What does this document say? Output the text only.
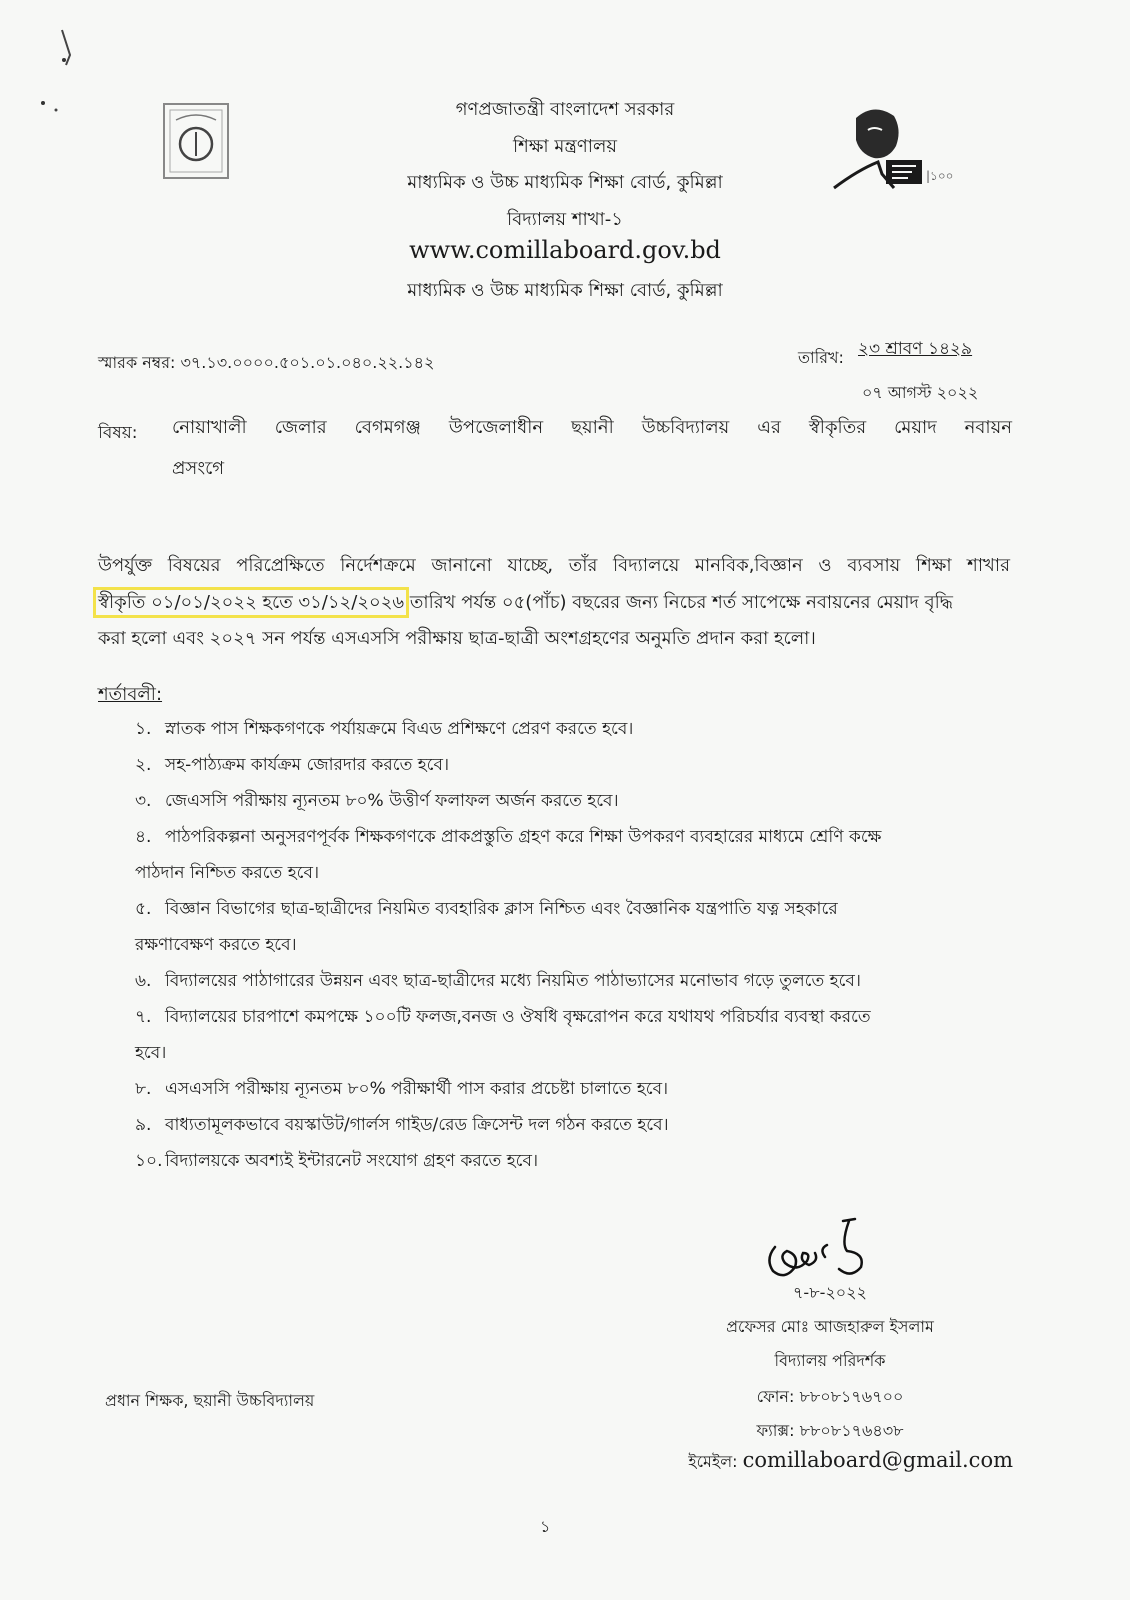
|১০০
গণপ্রজাতন্ত্রী বাংলাদেশ সরকার
শিক্ষা মন্ত্রণালয়
মাধ্যমিক ও উচ্চ মাধ্যমিক শিক্ষা বোর্ড, কুমিল্লা
বিদ্যালয় শাখা-১
www.comillaboard.gov.bd
মাধ্যমিক ও উচ্চ মাধ্যমিক শিক্ষা বোর্ড, কুমিল্লা
স্মারক নম্বর: ৩৭.১৩.০০০০.৫০১.০১.০৪০.২২.১৪২	তারিখ: ২৩ শ্রাবণ ১৪২৯
০৭ আগস্ট ২০২২
বিষয়: নোয়াখালী জেলার বেগমগঞ্জ উপজেলাধীন ছয়ানী উচ্চবিদ্যালয় এর স্বীকৃতির মেয়াদ নবায়ন
প্রসংগে
উপর্যুক্ত বিষয়ের পরিপ্রেক্ষিতে নির্দেশক্রমে জানানো যাচ্ছে, তাঁর বিদ্যালয়ে মানবিক,বিজ্ঞান ও ব্যবসায় শিক্ষা শাখার
স্বীকৃতি ০১/০১/২০২২ হতে ৩১/১২/২০২৬ তারিখ পর্যন্ত ০৫(পাঁচ) বছরের জন্য নিচের শর্ত সাপেক্ষে নবায়নের মেয়াদ বৃদ্ধি
করা হলো এবং ২০২৭ সন পর্যন্ত এসএসসি পরীক্ষায় ছাত্র-ছাত্রী অংশগ্রহণের অনুমতি প্রদান করা হলো।
শর্তাবলী:
১. স্নাতক পাস শিক্ষকগণকে পর্যায়ক্রমে বিএড প্রশিক্ষণে প্রেরণ করতে হবে।
২. সহ-পাঠ্যক্রম কার্যক্রম জোরদার করতে হবে।
৩. জেএসসি পরীক্ষায় ন্যূনতম ৮০% উত্তীর্ণ ফলাফল অর্জন করতে হবে।
৪. পাঠপরিকল্পনা অনুসরণপূর্বক শিক্ষকগণকে প্রাকপ্রস্তুতি গ্রহণ করে শিক্ষা উপকরণ ব্যবহারের মাধ্যমে শ্রেণি কক্ষে
পাঠদান নিশ্চিত করতে হবে।
৫. বিজ্ঞান বিভাগের ছাত্র-ছাত্রীদের নিয়মিত ব্যবহারিক ক্লাস নিশ্চিত এবং বৈজ্ঞানিক যন্ত্রপাতি যত্ন সহকারে
রক্ষণাবেক্ষণ করতে হবে।
৬. বিদ্যালয়ের পাঠাগারের উন্নয়ন এবং ছাত্র-ছাত্রীদের মধ্যে নিয়মিত পাঠাভ্যাসের মনোভাব গড়ে তুলতে হবে।
৭. বিদ্যালয়ের চারপাশে কমপক্ষে ১০০টি ফলজ,বনজ ও ঔষধি বৃক্ষরোপন করে যথাযথ পরিচর্যার ব্যবস্থা করতে
হবে।
৮. এসএসসি পরীক্ষায় ন্যূনতম ৮০% পরীক্ষার্থী পাস করার প্রচেষ্টা চালাতে হবে।
৯. বাধ্যতামূলকভাবে বয়স্কাউট/গার্লস গাইড/রেড ক্রিসেন্ট দল গঠন করতে হবে।
১০. বিদ্যালয়কে অবশ্যই ইন্টারনেট সংযোগ গ্রহণ করতে হবে।
৭-৮-২০২২
প্রফেসর মোঃ আজহারুল ইসলাম
বিদ্যালয় পরিদর্শক
ফোন: ৮৮০৮১৭৬৭০০
ফ্যাক্স: ৮৮০৮১৭৬৪৩৮
ইমেইল: comillaboard@gmail.com
প্রধান শিক্ষক, ছয়ানী উচ্চবিদ্যালয়
১
